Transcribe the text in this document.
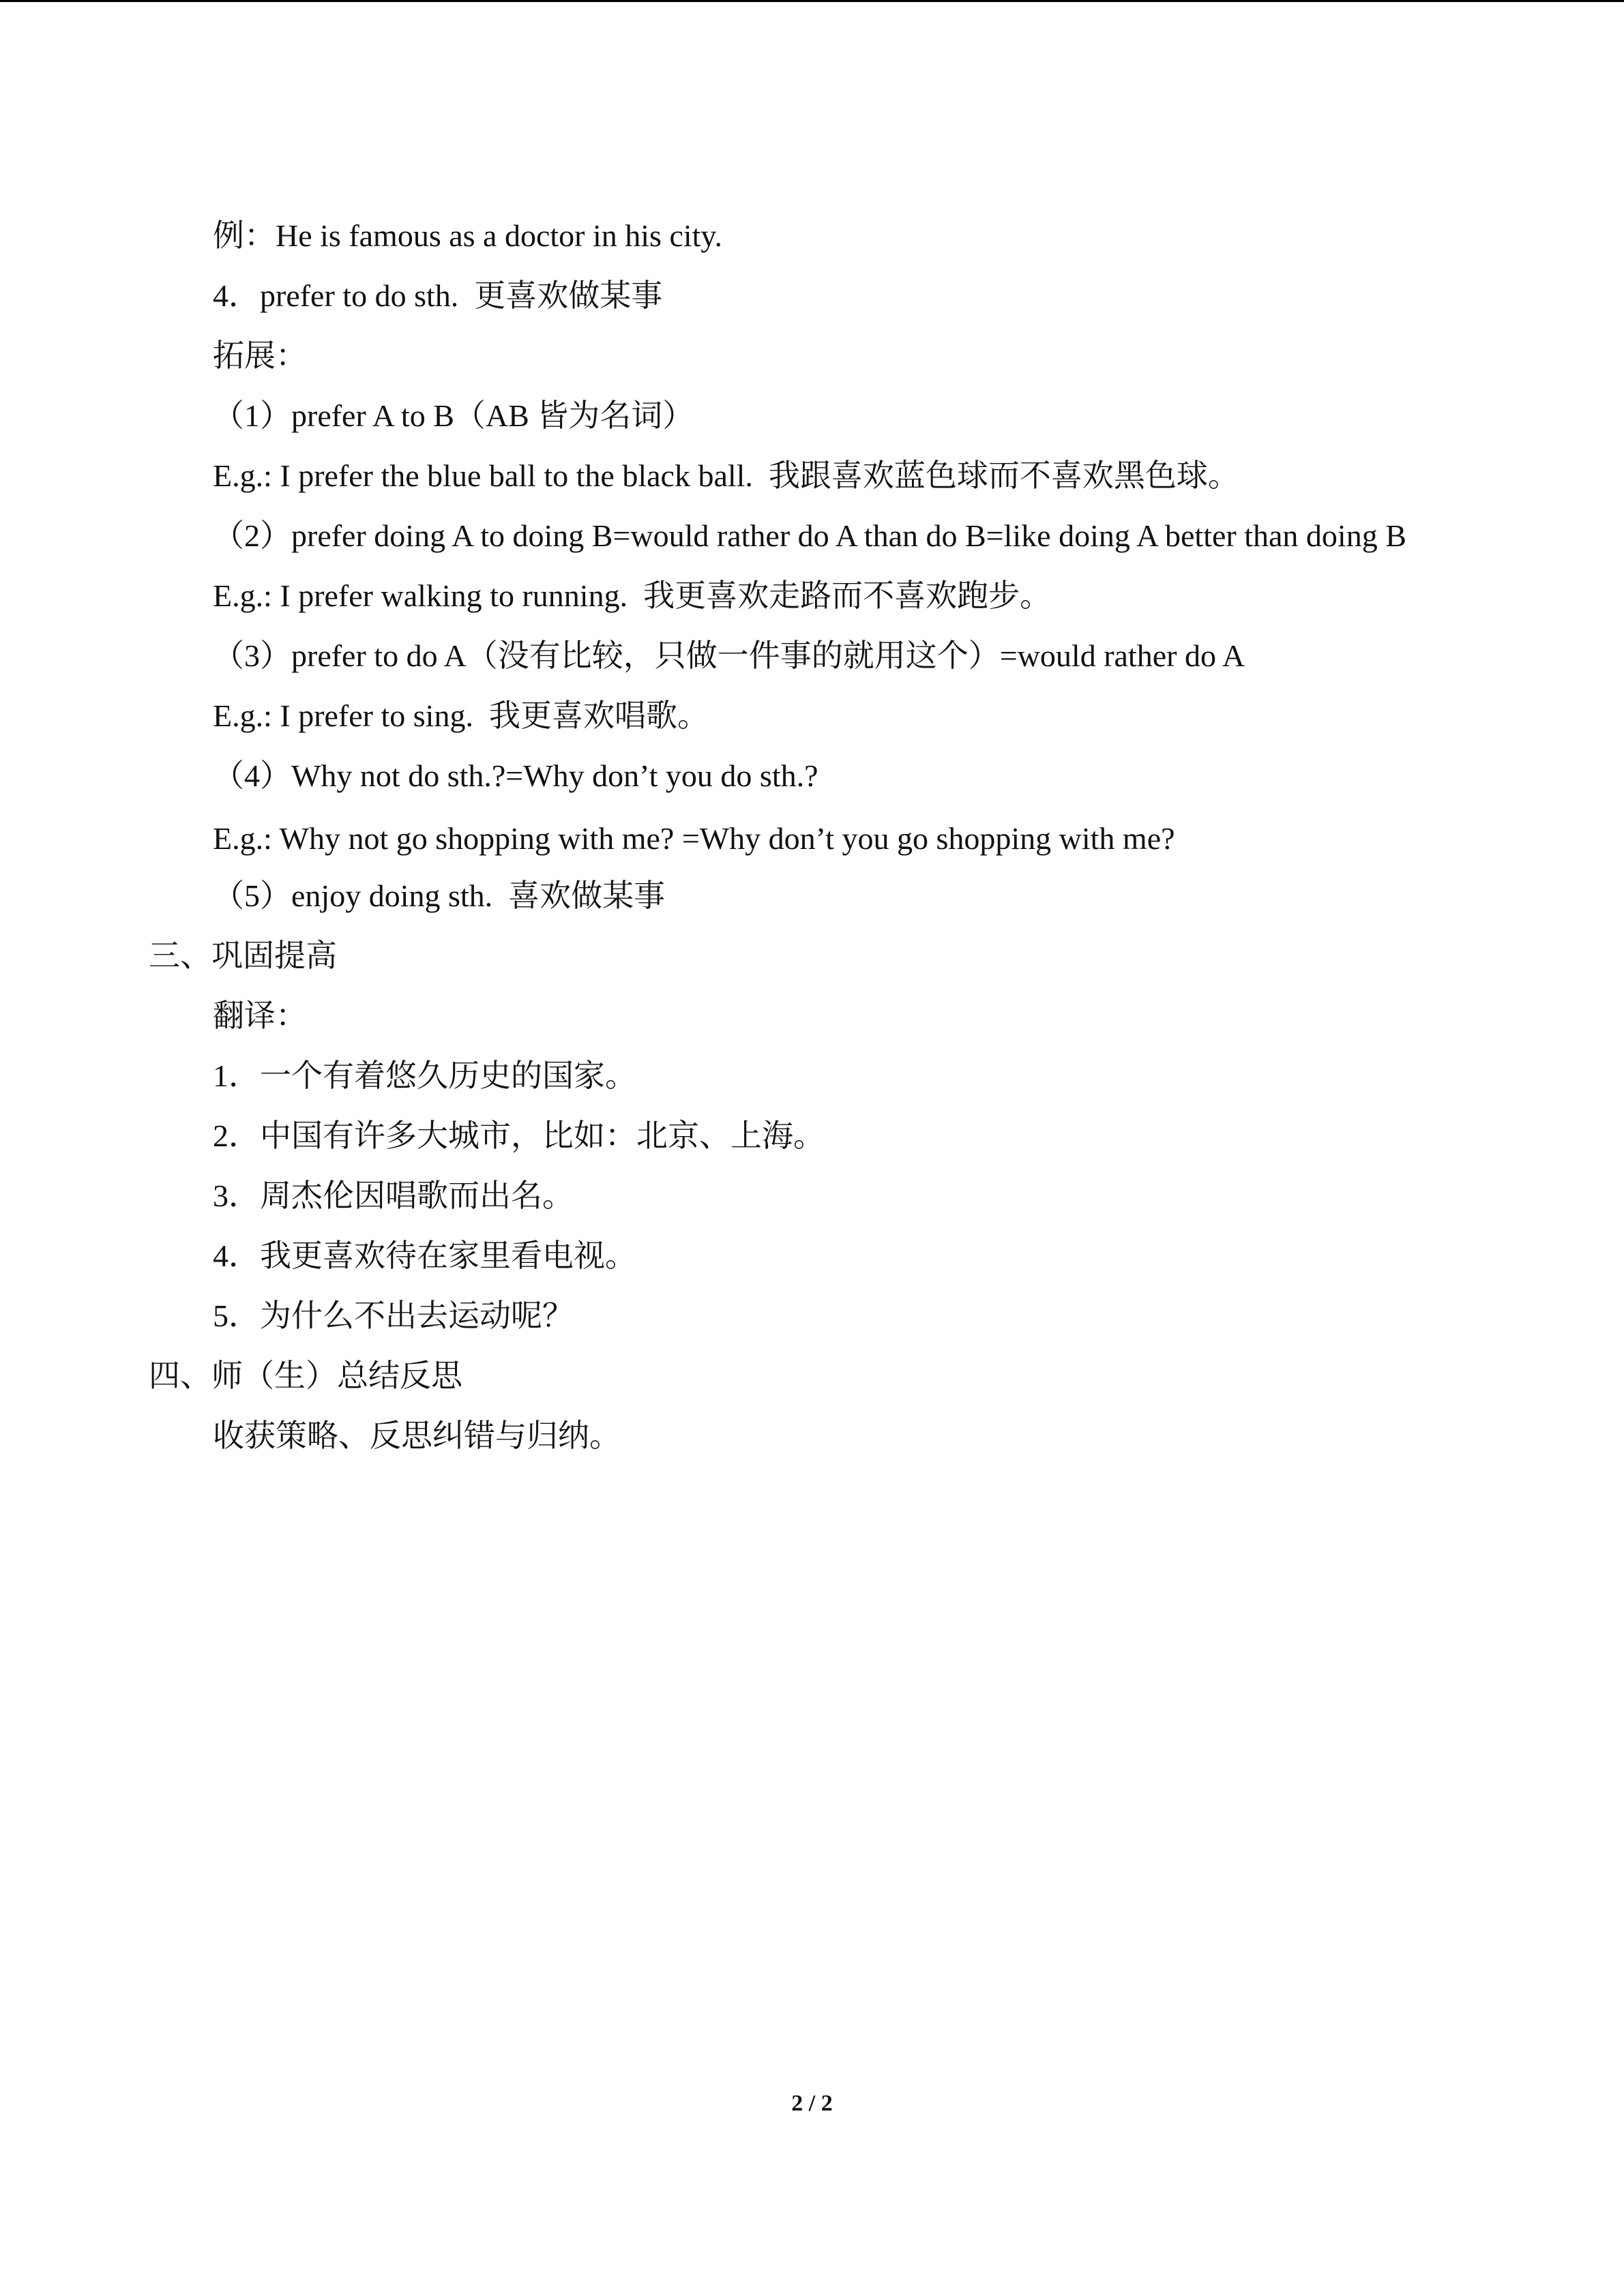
例：He is famous as a doctor in his city.
4．prefer to do sth.  更喜欢做某事
拓展：
（1）prefer A to B（AB 皆为名词）
E.g.: I prefer the blue ball to the black ball.  我跟喜欢蓝色球而不喜欢黑色球。
（2）prefer doing A to doing B=would rather do A than do B=like doing A better than doing B
E.g.: I prefer walking to running.  我更喜欢走路而不喜欢跑步。
（3）prefer to do A（没有比较，只做一件事的就用这个）=would rather do A
E.g.: I prefer to sing.  我更喜欢唱歌。
（4）Why not do sth.?=Why don’t you do sth.?
E.g.: Why not go shopping with me? =Why don’t you go shopping with me?
（5）enjoy doing sth.  喜欢做某事
三、巩固提高
翻译：
1．一个有着悠久历史的国家。
2．中国有许多大城市，比如：北京、上海。
3．周杰伦因唱歌而出名。
4．我更喜欢待在家里看电视。
5．为什么不出去运动呢？
四、师（生）总结反思
收获策略、反思纠错与归纳。
2 / 2
